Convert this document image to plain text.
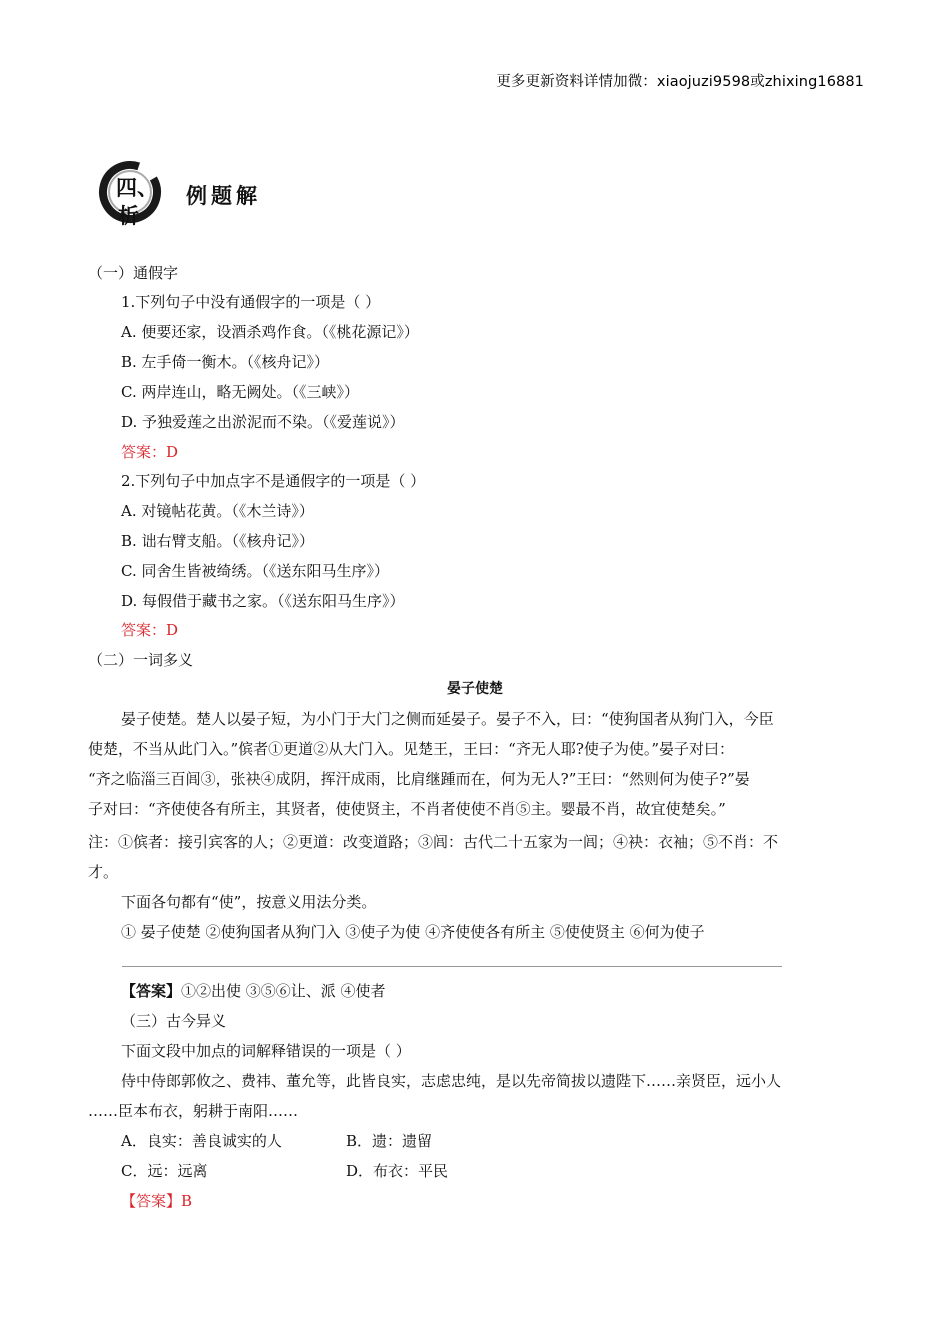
更多更新资料详情加微：xiaojuzi9598或zhixing16881
四、
析
例题解
（一）通假字
1.下列句子中没有通假字的一项是（ ）
A. 便要还家，设酒杀鸡作食。（《桃花源记》）
B. 左手倚一衡木。（《核舟记》）
C. 两岸连山，略无阙处。（《三峡》）
D. 予独爱莲之出淤泥而不染。（《爱莲说》）
答案：D
2.下列句子中加点字不是通假字的一项是（ ）
A. 对镜帖花黄。（《木兰诗》）
B. 诎右臂支船。（《核舟记》）
C. 同舍生皆被绮绣。（《送东阳马生序》）
D. 每假借于藏书之家。（《送东阳马生序》）
答案：D
（二）一词多义
晏子使楚
晏子使楚。楚人以晏子短，为小门于大门之侧而延晏子。晏子不入，曰：“使狗国者从狗门入，今臣
使楚，不当从此门入。”傧者①更道②从大门入。见楚王，王曰：“齐无人耶?使子为使。”晏子对曰：
“齐之临淄三百闾③，张袂④成阴，挥汗成雨，比肩继踵而在，何为无人?”王曰：“然则何为使子?”晏
子对曰：“齐使使各有所主，其贤者，使使贤主，不肖者使使不肖⑤主。婴最不肖，故宜使楚矣。”
注：①傧者：接引宾客的人；②更道：改变道路；③闾：古代二十五家为一闾；④袂：衣袖；⑤不肖：不
才。
下面各句都有“使”，按意义用法分类。
① 晏子使楚 ②使狗国者从狗门入 ③使子为使 ④齐使使各有所主 ⑤使使贤主 ⑥何为使子
【答案】①②出使 ③⑤⑥让、派 ④使者
（三）古今异义
下面文段中加点的词解释错误的一项是（ ）
侍中侍郎郭攸之、费祎、董允等，此皆良实，志虑忠纯，是以先帝简拔以遗陛下……亲贤臣，远小人
……臣本布衣，躬耕于南阳……
A．良实：善良诚实的人	B．遗：遗留
C．远：远离	D．布衣：平民
【答案】B
